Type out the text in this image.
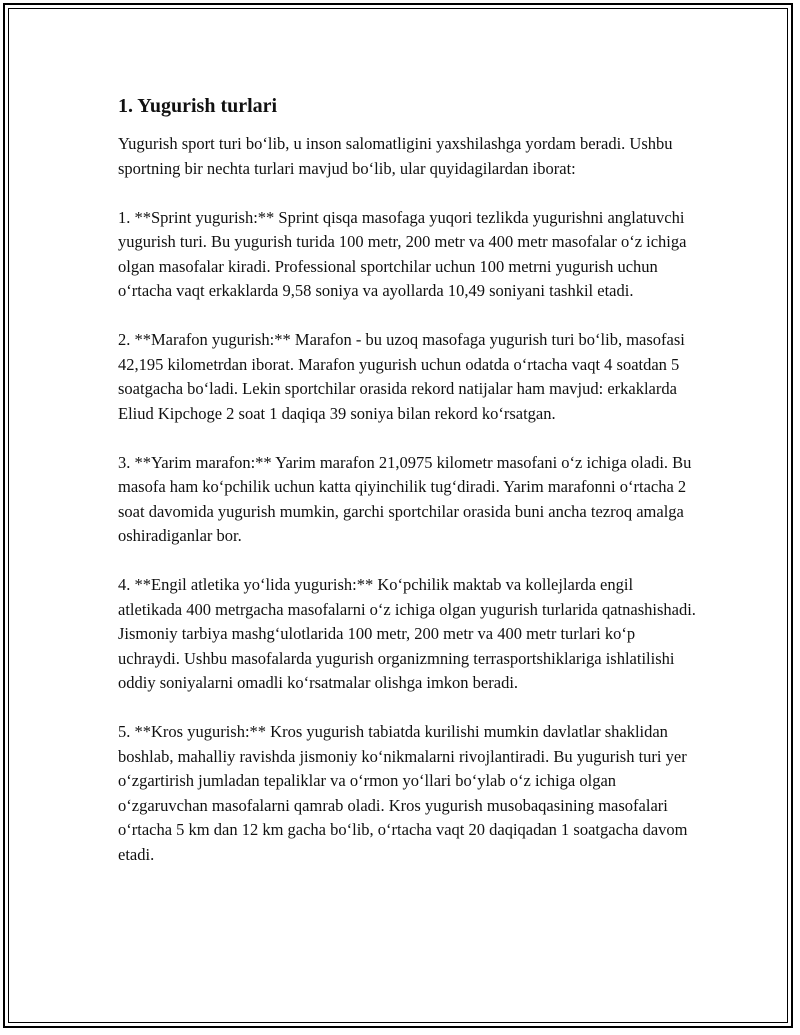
1. Yugurish turlari

Yugurish sport turi bo‘lib, u inson salomatligini yaxshilashga yordam beradi. Ushbu sportning bir nechta turlari mavjud bo‘lib, ular quyidagilardan iborat:

1. **Sprint yugurish:** Sprint qisqa masofaga yuqori tezlikda yugurishni anglatuvchi yugurish turi. Bu yugurish turida 100 metr, 200 metr va 400 metr masofalar o‘z ichiga olgan masofalar kiradi. Professional sportchilar uchun 100 metrni yugurish uchun o‘rtacha vaqt erkaklarda 9,58 soniya va ayollarda 10,49 soniyani tashkil etadi.

2. **Marafon yugurish:** Marafon - bu uzoq masofaga yugurish turi bo‘lib, masofasi 42,195 kilometrdan iborat. Marafon yugurish uchun odatda o‘rtacha vaqt 4 soatdan 5 soatgacha bo‘ladi. Lekin sportchilar orasida rekord natijalar ham mavjud: erkaklarda Eliud Kipchoge 2 soat 1 daqiqa 39 soniya bilan rekord ko‘rsatgan.

3. **Yarim marafon:** Yarim marafon 21,0975 kilometr masofani o‘z ichiga oladi. Bu masofa ham ko‘pchilik uchun katta qiyinchilik tug‘diradi. Yarim marafonni o‘rtacha 2 soat davomida yugurish mumkin, garchi sportchilar orasida buni ancha tezroq amalga oshiradiganlar bor.

4. **Engil atletika yo‘lida yugurish:** Ko‘pchilik maktab va kollejlarda engil atletikada 400 metrgacha masofalarni o‘z ichiga olgan yugurish turlarida qatnashishadi. Jismoniy tarbiya mashg‘ulotlarida 100 metr, 200 metr va 400 metr turlari ko‘p uchraydi. Ushbu masofalarda yugurish organizmning terrasportshiklariga ishlatilishi oddiy soniyalarni omadli ko‘rsatmalar olishga imkon beradi.

5. **Kros yugurish:** Kros yugurish tabiatda kurilishi mumkin davlatlar shaklidan boshlab, mahalliy ravishda jismoniy ko‘nikmalarni rivojlantiradi. Bu yugurish turi yer o‘zgartirish jumladan tepaliklar va o‘rmon yo‘llari bo‘ylab o‘z ichiga olgan o‘zgaruvchan masofalarni qamrab oladi. Kros yugurish musobaqasining masofalari o‘rtacha 5 km dan 12 km gacha bo‘lib, o‘rtacha vaqt 20 daqiqadan 1 soatgacha davom etadi.
